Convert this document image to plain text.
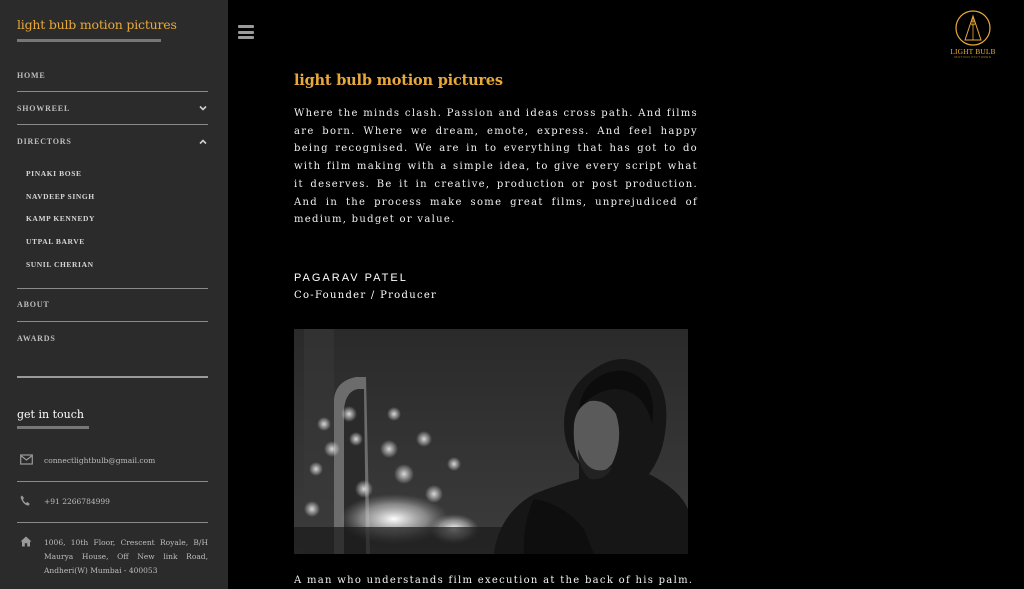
light bulb motion pictures
HOME
SHOWREEL
DIRECTORS
PINAKI BOSE
NAVDEEP SINGH
KAMP KENNEDY
UTPAL BARVE
SUNIL CHERIAN
ABOUT
AWARDS
get in touch
connectlightbulb@gmail.com
+91 2266784999
1006, 10th Floor, Crescent Royale, B/H Maurya House, Off New link Road, Andheri(W) Mumbai - 400053
LIGHT BULB
MOTION PICTURES
light bulb motion pictures

Where the minds clash. Passion and ideas cross path. And films are born. Where we dream, emote, express. And feel happy being recognised. We are in to everything that has got to do with film making with a simple idea, to give every script what it deserves. Be it in creative, production or post production. And in the process make some great films, unprejudiced of medium, budget or value.

PAGARAV PATEL
Co-Founder / Producer
A man who understands film execution at the back of his palm.
